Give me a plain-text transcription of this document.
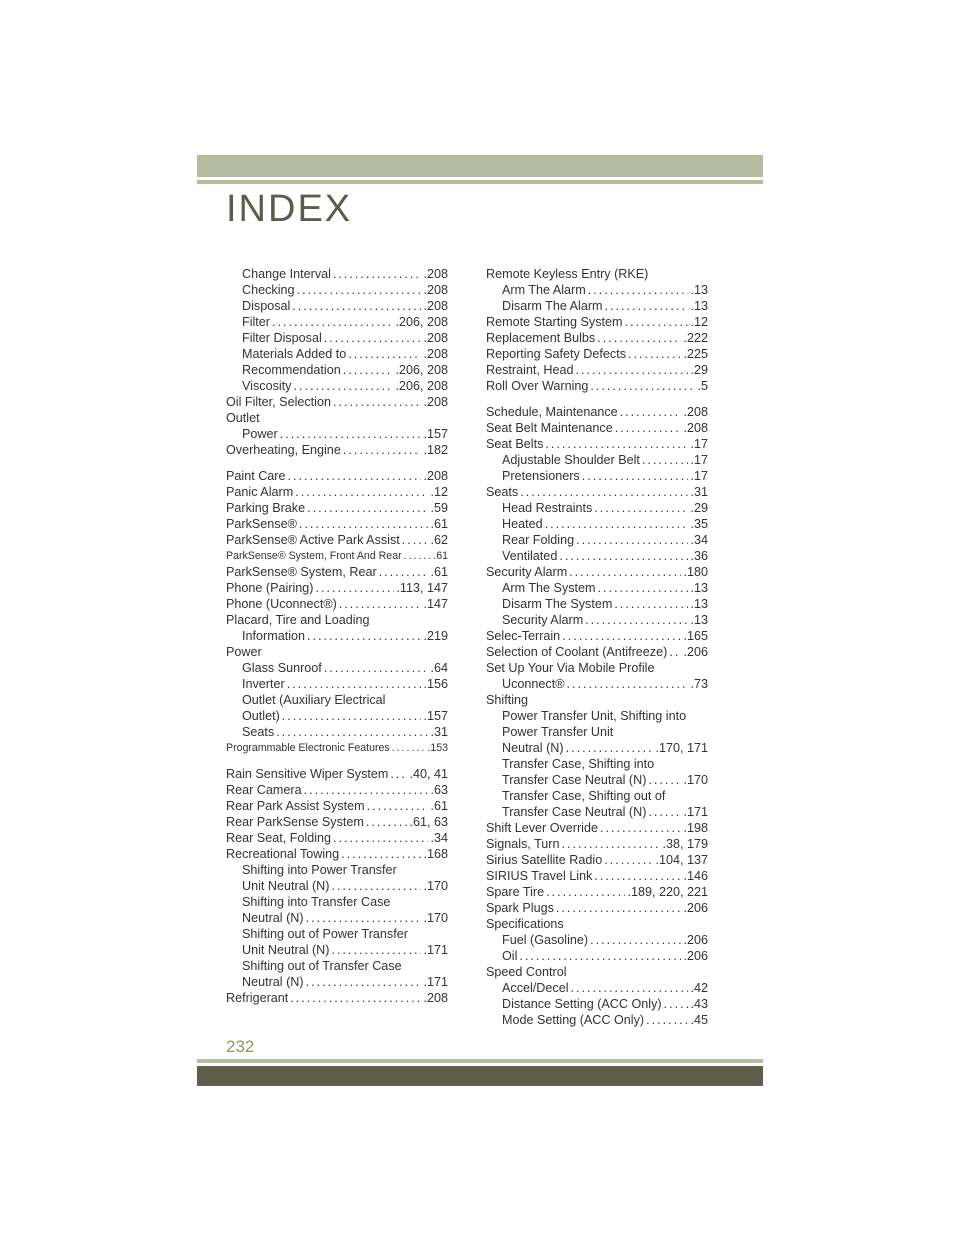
INDEX
Change Interval .....	.208
Checking .....	.208
Disposal .....	.208
Filter .....	.206, 208
Filter Disposal .....	.208
Materials Added to .....	.208
Recommendation .....	.206, 208
Viscosity .....	.206, 208
Oil Filter, Selection .....	.208
Outlet
Power .....	.157
Overheating, Engine .....	.182
Paint Care .....	.208
Panic Alarm .....	.12
Parking Brake .....	.59
ParkSense® .....	.61
ParkSense® Active Park Assist ..... .62
ParkSense® System, Front And Rear .....	.61
ParkSense® System, Rear .....	.61
Phone (Pairing) .....	.113, 147
Phone (Uconnect®) .....	.147
Placard, Tire and Loading
Information .....	.219
Power
Glass Sunroof .....	.64
Inverter .....	.156
Outlet (Auxiliary Electrical
Outlet) .....	.157
Seats .....	.31
Programmable Electronic Features .....	.153
Rain Sensitive Wiper System ..... .40, 41
Rear Camera .....	.63
Rear Park Assist System .....	.61
Rear ParkSense System .....	.61, 63
Rear Seat, Folding .....	.34
Recreational Towing .....	.168
Shifting into Power Transfer
Unit Neutral (N) .....	.170
Shifting into Transfer Case
Neutral (N) .....	.170
Shifting out of Power Transfer
Unit Neutral (N) .....	.171
Shifting out of Transfer Case
Neutral (N) .....	.171
Refrigerant .....	.208
Remote Keyless Entry (RKE)
Arm The Alarm .....	.13
Disarm The Alarm .....	.13
Remote Starting System .....	.12
Replacement Bulbs .....	.222
Reporting Safety Defects .....	.225
Restraint, Head .....	.29
Roll Over Warning .....	.5
Schedule, Maintenance .....	.208
Seat Belt Maintenance .....	.208
Seat Belts .....	.17
Adjustable Shoulder Belt .....	.17
Pretensioners .....	.17
Seats .....	.31
Head Restraints .....	.29
Heated .....	.35
Rear Folding .....	.34
Ventilated .....	.36
Security Alarm .....	.180
Arm The System .....	.13
Disarm The System .....	.13
Security Alarm .....	.13
Selec-Terrain .....	.165
Selection of Coolant (Antifreeze) ..... .206
Set Up Your Via Mobile Profile
Uconnect® .....	.73
Shifting
Power Transfer Unit, Shifting into
Power Transfer Unit
Neutral (N) .....	.170, 171
Transfer Case, Shifting into
Transfer Case Neutral (N) .....	.170
Transfer Case, Shifting out of
Transfer Case Neutral (N) .....	.171
Shift Lever Override .....	.198
Signals, Turn .....	.38, 179
Sirius Satellite Radio .....	.104, 137
SIRIUS Travel Link .....	.146
Spare Tire .....	.189, 220, 221
Spark Plugs .....	.206
Specifications
Fuel (Gasoline) .....	.206
Oil .....	.206
Speed Control
Accel/Decel .....	.42
Distance Setting (ACC Only) ..... .43
Mode Setting (ACC Only) .....	.45
232
